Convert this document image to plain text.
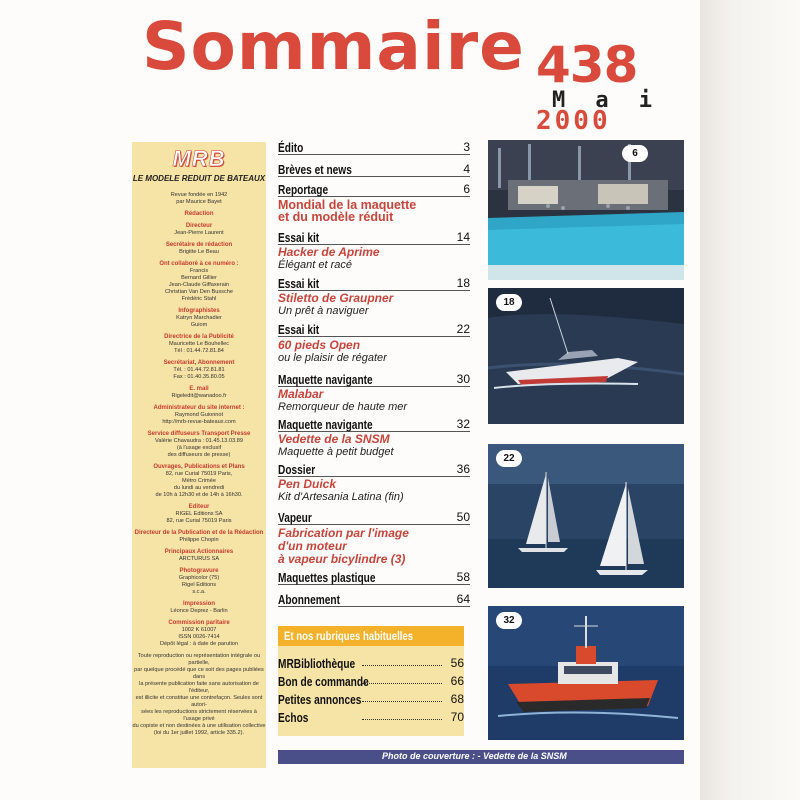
Sommaire 438
M a i
2000
MRB
LE MODELE REDUIT DE BATEAUX
Revue fondée en 1942
par Maurice Bayet
Rédaction
Directeur
Jean-Pierre Laurent
Secrétaire de rédaction
Brigitte Le Beau
Ont collaboré à ce numéro :
Francis
Bernard Gillier
Jean-Claude Giffaxerain
Christian Van Den Bussche
Frédéric Stahl
Infographistes
Katryn Marchadier
Guiom
Directrice de la Publicité
Mauricette Le Bouhellec
Tél : 01.44.72.81.84
Secrétariat, Abonnement
Tél. : 01.44.72.81.81
Fax : 01.40.35.80.05
E. mail
Rigeledit@wanadoo.fr
Administrateur du site internet :
Raymond Guionnot
http://mrb-revue-bateaux.com
Service diffuseurs Transport Presse
Valérie Chavaudra : 01.45.13.03.89
(à l'usage exclusif
des diffuseurs de presse)
Ouvrages, Publications et Plans
82, rue Curial 75019 Paris,
Métro Crimée
du lundi au vendredi
de 10h à 12h30 et de 14h à 16h30.
Editeur
RIGEL Editions SA
82, rue Curial 75019 Paris
Directeur de la Publication et de la Rédaction
Philippe Chopin
Principaux Actionnaires
ARCTURUS SA
Photogravure
Graphicolor (75)
Rigel Editions
s.c.a.
Impression
Léonce Deprez - Barlin
Commission paritaire
1002 K 61007
ISSN 0026-7414
Dépôt légal : à date de parution
Toute reproduction ou représentation intégrale ou partielle,
par quelque procédé que ce soit des pages publiées dans
la présente publication faite sans autorisation de l'éditeur,
est illicite et constitue une contrefaçon. Seules sont autori-
sées les reproductions strictement réservées à l'usage privé
du copiste et non destinées à une utilisation collective
(loi du 1er juillet 1992, article 335.2).
Édito	3
Brèves et news	4
Reportage	6
Mondial de la maquette
et du modèle réduit
Essai kit	14
Hacker de Aprime
Élégant et racé
Essai kit	18
Stiletto de Graupner
Un prêt à naviguer
Essai kit	22
60 pieds Open
ou le plaisir de régater
Maquette navigante	30
Malabar
Remorqueur de haute mer
Maquette navigante	32
Vedette de la SNSM
Maquette à petit budget
Dossier	36
Pen Duick
Kit d'Artesania Latina (fin)
Vapeur	50
Fabrication par l'image
d'un moteur
à vapeur bicylindre (3)
Maquettes plastique	58
Abonnement	64
6
18
22
32
Et nos rubriques habituelles
MRBibliothèque	56
Bon de commande	66
Petites annonces	68
Echos	70
Photo de couverture : - Vedette de la SNSM
